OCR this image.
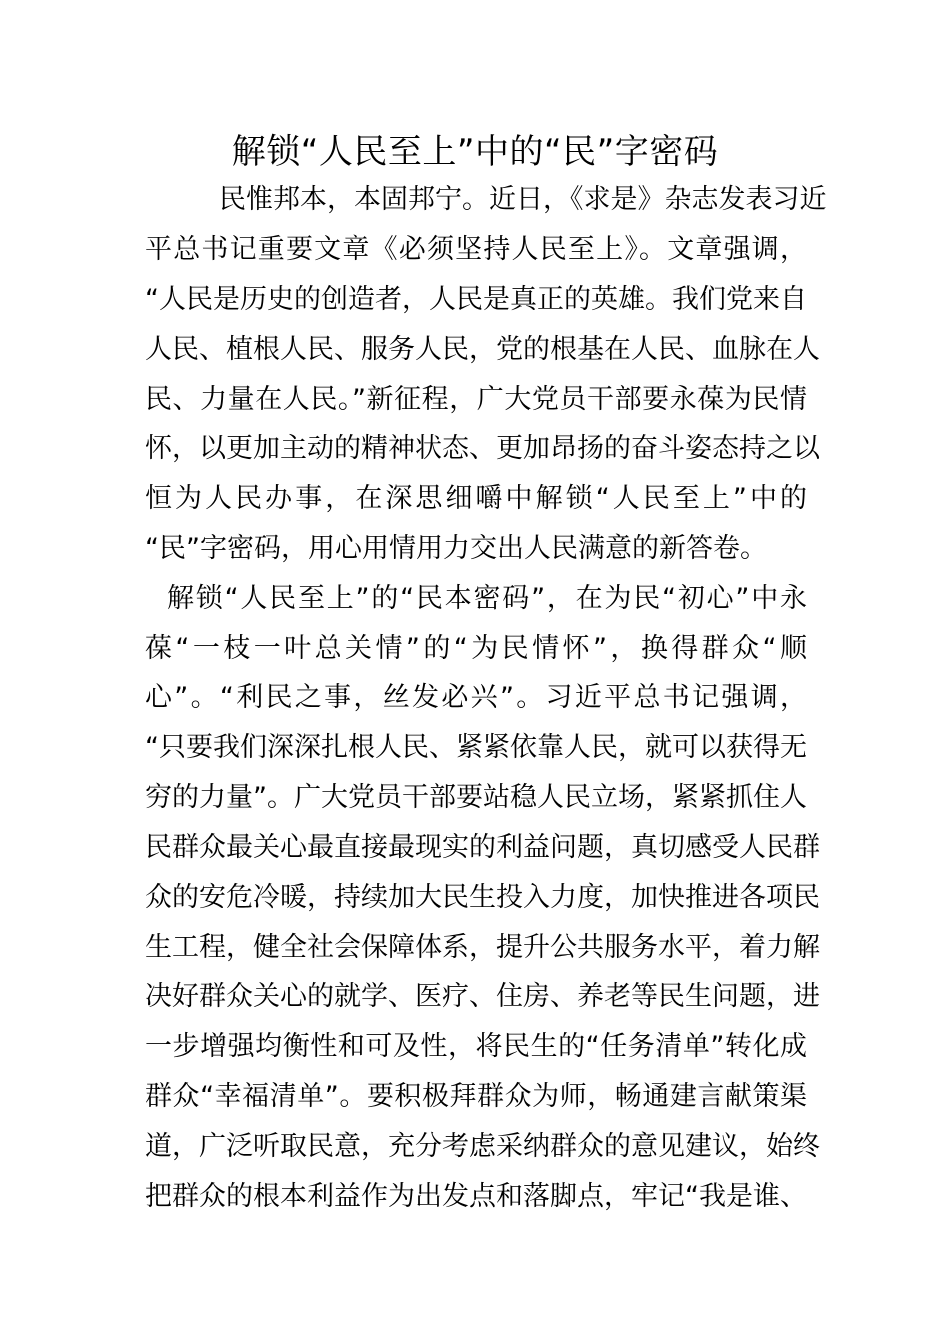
解锁“人民至上”中的“民”字密码
民惟邦本，本固邦宁。近日，《求是》杂志发表习近
平总书记重要文章《必须坚持人民至上》。文章强调，
“人民是历史的创造者，人民是真正的英雄。我们党来自
人民、植根人民、服务人民，党的根基在人民、血脉在人
民、力量在人民。”新征程，广大党员干部要永葆为民情
怀，以更加主动的精神状态、更加昂扬的奋斗姿态持之以
恒为人民办事，在深思细嚼中解锁“人民至上”中的
“民”字密码，用心用情用力交出人民满意的新答卷。
解锁“人民至上”的“民本密码”，在为民“初心”中永
葆“一枝一叶总关情”的“为民情怀”，换得群众“顺
心”。“利民之事，丝发必兴”。习近平总书记强调，
“只要我们深深扎根人民、紧紧依靠人民，就可以获得无
穷的力量”。广大党员干部要站稳人民立场，紧紧抓住人
民群众最关心最直接最现实的利益问题，真切感受人民群
众的安危冷暖，持续加大民生投入力度，加快推进各项民
生工程，健全社会保障体系，提升公共服务水平，着力解
决好群众关心的就学、医疗、住房、养老等民生问题，进
一步增强均衡性和可及性，将民生的“任务清单”转化成
群众“幸福清单”。要积极拜群众为师，畅通建言献策渠
道，广泛听取民意，充分考虑采纳群众的意见建议，始终
把群众的根本利益作为出发点和落脚点，牢记“我是谁、
